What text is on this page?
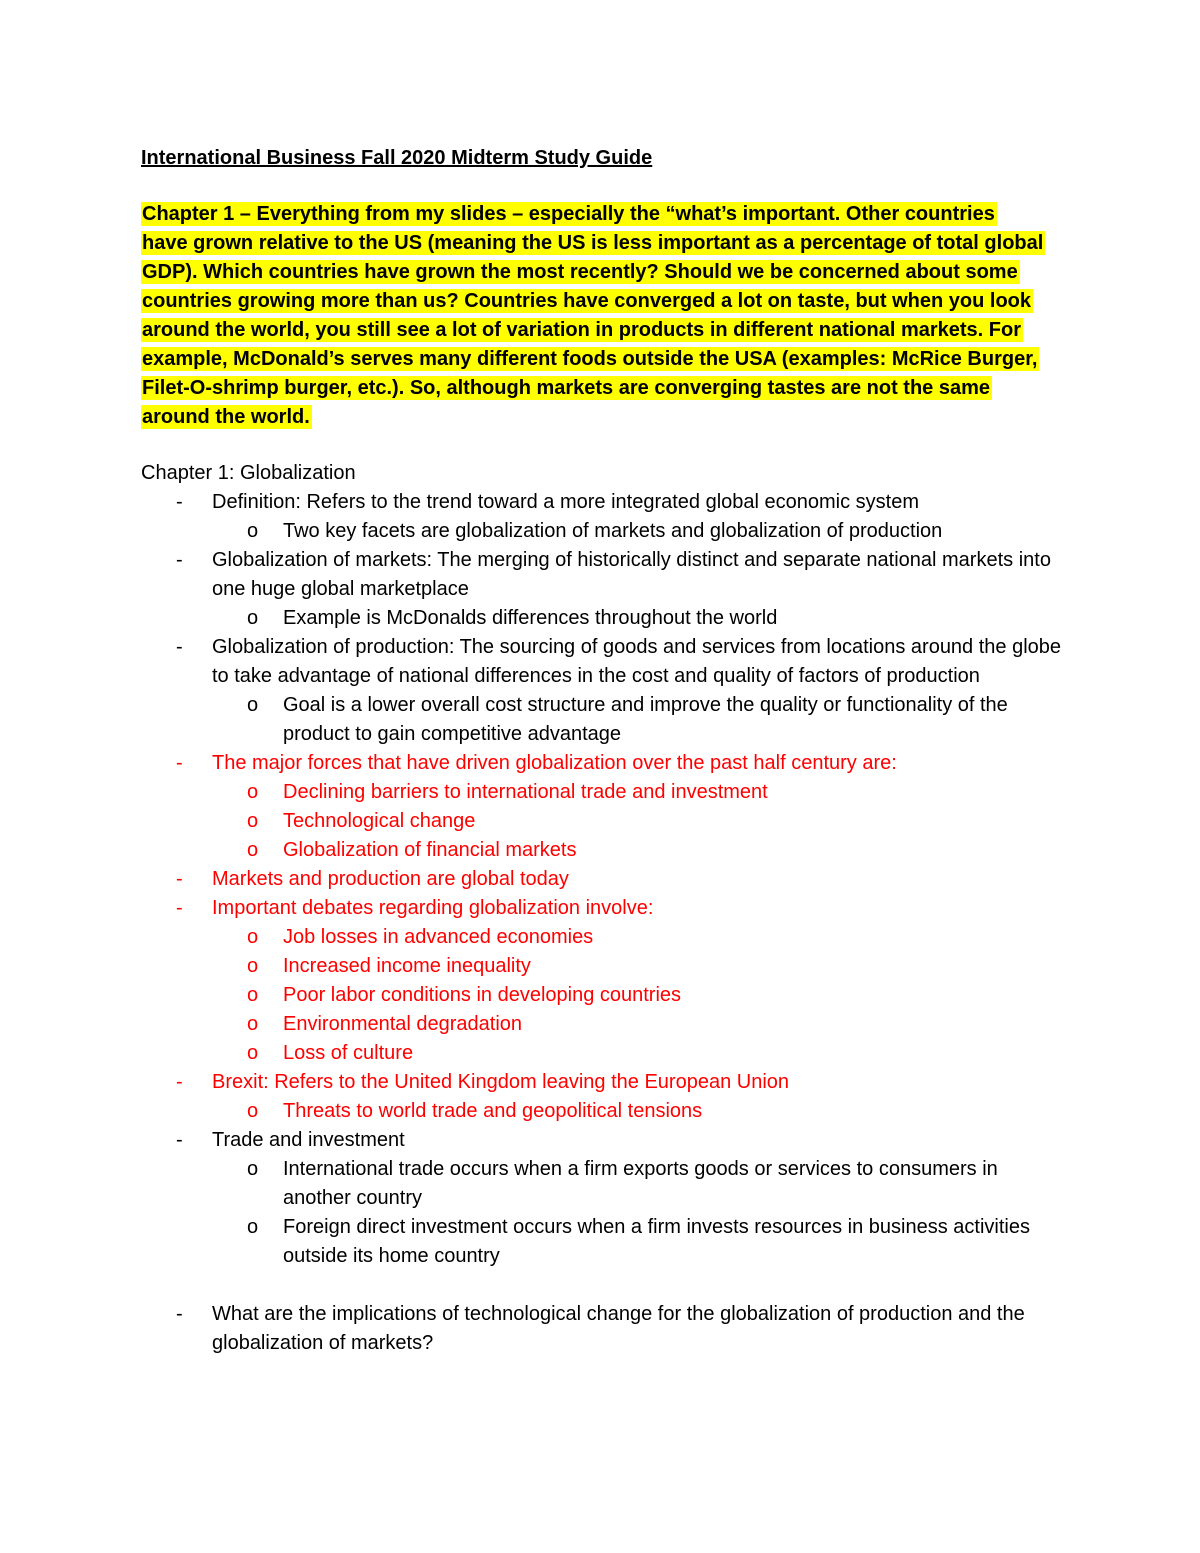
International Business Fall 2020 Midterm Study Guide
Chapter 1 – Everything from my slides – especially the “what’s important. Other countries
have grown relative to the US (meaning the US is less important as a percentage of total global
GDP). Which countries have grown the most recently? Should we be concerned about some
countries growing more than us? Countries have converged a lot on taste, but when you look
around the world, you still see a lot of variation in products in different national markets. For
example, McDonald’s serves many different foods outside the USA (examples: McRice Burger,
Filet-O-shrimp burger, etc.). So, although markets are converging tastes are not the same
around the world.
Chapter 1: Globalization
- Definition: Refers to the trend toward a more integrated global economic system
o Two key facets are globalization of markets and globalization of production
- Globalization of markets: The merging of historically distinct and separate national markets into one huge global marketplace
o Example is McDonalds differences throughout the world
- Globalization of production: The sourcing of goods and services from locations around the globe to take advantage of national differences in the cost and quality of factors of production
o Goal is a lower overall cost structure and improve the quality or functionality of the product to gain competitive advantage
- The major forces that have driven globalization over the past half century are:
o Declining barriers to international trade and investment
o Technological change
o Globalization of financial markets
- Markets and production are global today
- Important debates regarding globalization involve:
o Job losses in advanced economies
o Increased income inequality
o Poor labor conditions in developing countries
o Environmental degradation
o Loss of culture
- Brexit: Refers to the United Kingdom leaving the European Union
o Threats to world trade and geopolitical tensions
- Trade and investment
o International trade occurs when a firm exports goods or services to consumers in another country
o Foreign direct investment occurs when a firm invests resources in business activities outside its home country
- What are the implications of technological change for the globalization of production and the globalization of markets?
